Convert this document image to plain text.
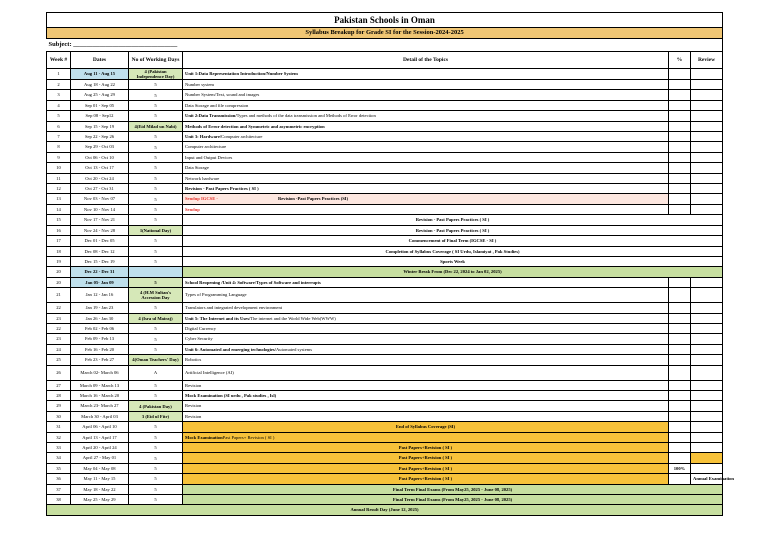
Pakistan Schools in Oman					
Syllabus Breakup for Grade SI for the Session-2024-2025					
Subject: ________________________________					
Week #	Dates	No of Working Days	Detail of the Topics	%	Review
1	Aug 11 - Aug 15	4 (Pakistan Independence Day)	Unit 1:Data Representation Introduction/Number System		
2	Aug 18 - Aug 22	5	Number system		
3	Aug 25 - Aug 29	5	Number System/Text, sound and images		
4	Sep 01 - Sep 05	5	Data Storage and file compression		
5	Sep 08 - Sep12	5	Unit 2:Data Transmission/Types and methods of the data transmission and Methods of Error detection		
6	Sep 15 - Sep 19	4(Eid Milad un Nabi)	Methods of Error detection and Symmetric and asymmetric encryption		
7	Sep 22 - Sep 26	5	Unit 3: Hardware/Computer architecture		
8	Sep 29 - Oct 03	5	Computer architecture		
9	Oct 06 - Oct 10	5	Input and Output Devices		
10	Oct 13 - Oct 17	5	Data Storage		
11	Oct 20 - Oct 24	5	Network hardware		
12	Oct 27 - Oct 31	5	Revision - Past Papers Practices ( SI )		
13	Nov 03 - Nov 07	5	Sendup IGCSE - Revision -Past Papers Practices (SI)		
14	Nov 10 - Nov 14	5	Sendup		
15	Nov 17 - Nov 21	5	Revision - Past Papers Practices ( SI )		
16	Nov 24 - Nov 28	1(National Day)	Revision - Past Papers Practices ( SI )		
17	Dec 01 - Dec 05	5	Commencement of Final Term (IGCSE - SI )		
18	Dec 08 - Dec 12	5	Completion of Syllabus Coverage ( SI Urdu, Islamiyat , Pak Studies)		
19	Dec 15 - Dec 19	5	Sports Week		
20	Dec 22 - Dec 31		Winter Break From (Dec 22, 2024 to Jan 02, 2025)		
20	Jan 05- Jan 09	5	School Reopening /Unit 4: Software/Types of Software and interrupts		
21	Jan 12 - Jan 16	4 (H.M Sultan's Accession Day	Types of Programming Language		
22	Jan 19 - Jan 23	5	Translators and integrated development environment		
23	Jan 26 - Jan 30	4 (Isra ul Mairaj)	Unit 5: The Internet and its Uses/The internet and the World Wide Web(WWW)		
22	Feb 02 - Feb 06	5	Digital Currency		
23	Feb 09 - Feb 13	5	Cyber Security		
24	Feb 16 - Feb 20	5	Unit 6: Automated and emerging technologies/Automated systems		
25	Feb 23 - Feb 27	4(Oman Teachers' Day)	Robotics		
26	March 02- March 06	A	Artificial Intelligence (AI)		
27	March 09 - March 13	5	Revision		
28	March 16 - March 20	5	Mock Examination (SI urdu , Pak studies , Isl)		
29	March 23- March 27	4 (Pakistan Day)	Revision		
30	March 30 - April 03	3 (Eid ul Fitr)	Revision		
31	April 06 - April 10	5	End of Syllabus Coverage (SI)		
32	April 13 - April 17	5	Mock ExaminationPast Papers+ Revision ( SI )		
33	April 20 - April 24	5	Past Papers+Revision ( SI )		
34	April 27 - May 01	5	Past Papers+Revision ( SI )		
35	May 04 - May 08	5	Past Papers+Revision ( SI )	100%	
36	May 11 - May 15	5	Past Papers+Revision ( SI )		Annual Examination
37	May 18 - May 22	5	Final Term Final Exams (From May25, 2025 - June 08, 2025)		
38	May 25 - May 29	5	Final Term Final Exams (From May25, 2025 - June 08, 2025)		
Annual Result Day (June 12, 2025)					
